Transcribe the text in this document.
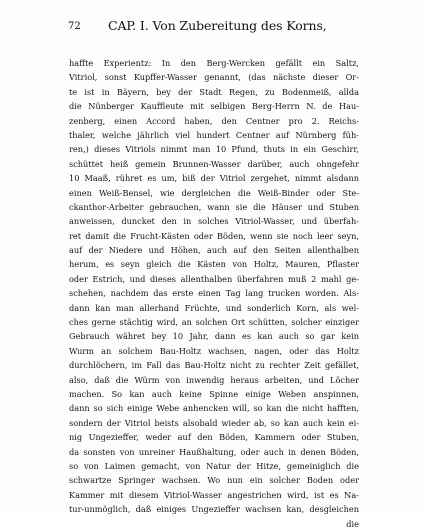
72 CAP. I. Von Zubereitung des Korns,
haffte Experientz: In den Berg-Wercken gefällt ein Saltz,
Vitriol, sonst Kupffer-Wasser genannt, (das nächste dieser Or-
te ist in Bäyern, bey der Stadt Regen, zu Bodenmeiß, allda
die Nünberger Kauffleute mit selbigen Berg-Herrn N. de Hau-
zenberg, einen Accord haben, den Centner pro 2. Reichs-
thaler, welche jährlich viel hundert Centner auf Nürnberg füh-
ren,) dieses Vitriols nimmt man 10 Pfund, thuts in ein Geschirr,
schüttet heiß gemein Brunnen-Wasser darüber, auch ohngefehr
10 Maaß, rühret es um, biß der Vitriol zergehet, nimmt alsdann
einen Weiß-Bensel, wie dergleichen die Weiß-Binder oder Ste-
ckanthor-Arbeiter gebrauchen, wann sie die Häuser und Stuben
anweissen, duncket den in solches Vitriol-Wasser, und überfah-
ret damit die Frucht-Kästen oder Böden, wenn sie noch leer seyn,
auf der Niedere und Höhen, auch auf den Seiten allenthalben
herum, es seyn gleich die Kästen von Holtz, Mauren, Pflaster
oder Estrich, und dieses allenthalben überfahren muß 2 mahl ge-
schehen, nachdem das erste einen Tag lang trucken worden. Als-
dann kan man allerhand Früchte, und sonderlich Korn, als wel-
ches gerne stächtig wird, an solchen Ort schütten, solcher einziger
Gebrauch währet bey 10 Jahr, dann es kan auch so gar kein
Wurm an solchem Bau-Holtz wachsen, nagen, oder das Holtz
durchlöchern, im Fall das Bau-Holtz nicht zu rechter Zeit gefället,
also, daß die Würm von inwendig heraus arbeiten, und Löcher
machen. So kan auch keine Spinne einige Weben anspinnen,
dann so sich einige Webe anhencken will, so kan die nicht hafften,
sondern der Vitriol beists alsobald wieder ab, so kan auch kein ei-
nig Ungezieffer, weder auf den Böden, Kammern oder Stuben,
da sonsten von unreiner Haußhaltung, oder auch in denen Böden,
so von Laimen gemacht, von Natur der Hitze, gemeiniglich die
schwartze Springer wachsen. Wo nun ein solcher Boden oder
Kammer mit diesem Vitriol-Wasser angestrichen wird, ist es Na-
tur-unmöglich, daß einiges Ungezieffer wachsen kan, desgleichen
die
